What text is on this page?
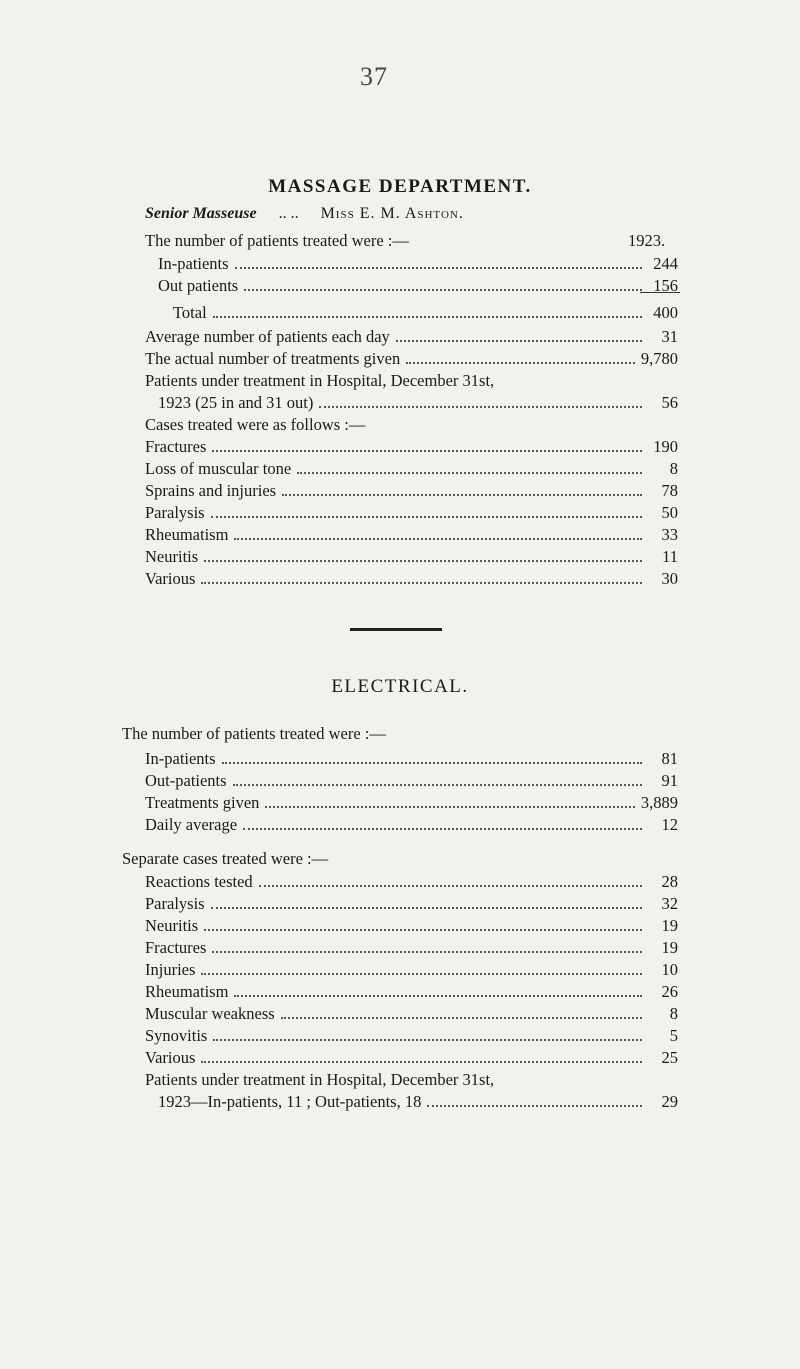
37
MASSAGE DEPARTMENT.
Senior Masseuse .. .. Miss E. M. Ashton.
The number of patients treated were :—	1923.
In-patients	244
Out patients	156
Total	400
Average number of patients each day	31
The actual number of treatments given	9,780
Patients under treatment in Hospital, December 31st,
1923 (25 in and 31 out)	56
Cases treated were as follows :—
Fractures	190
Loss of muscular tone	8
Sprains and injuries	78
Paralysis	50
Rheumatism	33
Neuritis	11
Various	30
ELECTRICAL.
The number of patients treated were :—
In-patients	81
Out-patients	91
Treatments given	3,889
Daily average	12
Separate cases treated were :—
Reactions tested	28
Paralysis	32
Neuritis	19
Fractures	19
Injuries	10
Rheumatism	26
Muscular weakness	8
Synovitis	5
Various	25
Patients under treatment in Hospital, December 31st,
1923—In-patients, 11 ; Out-patients, 18	29
